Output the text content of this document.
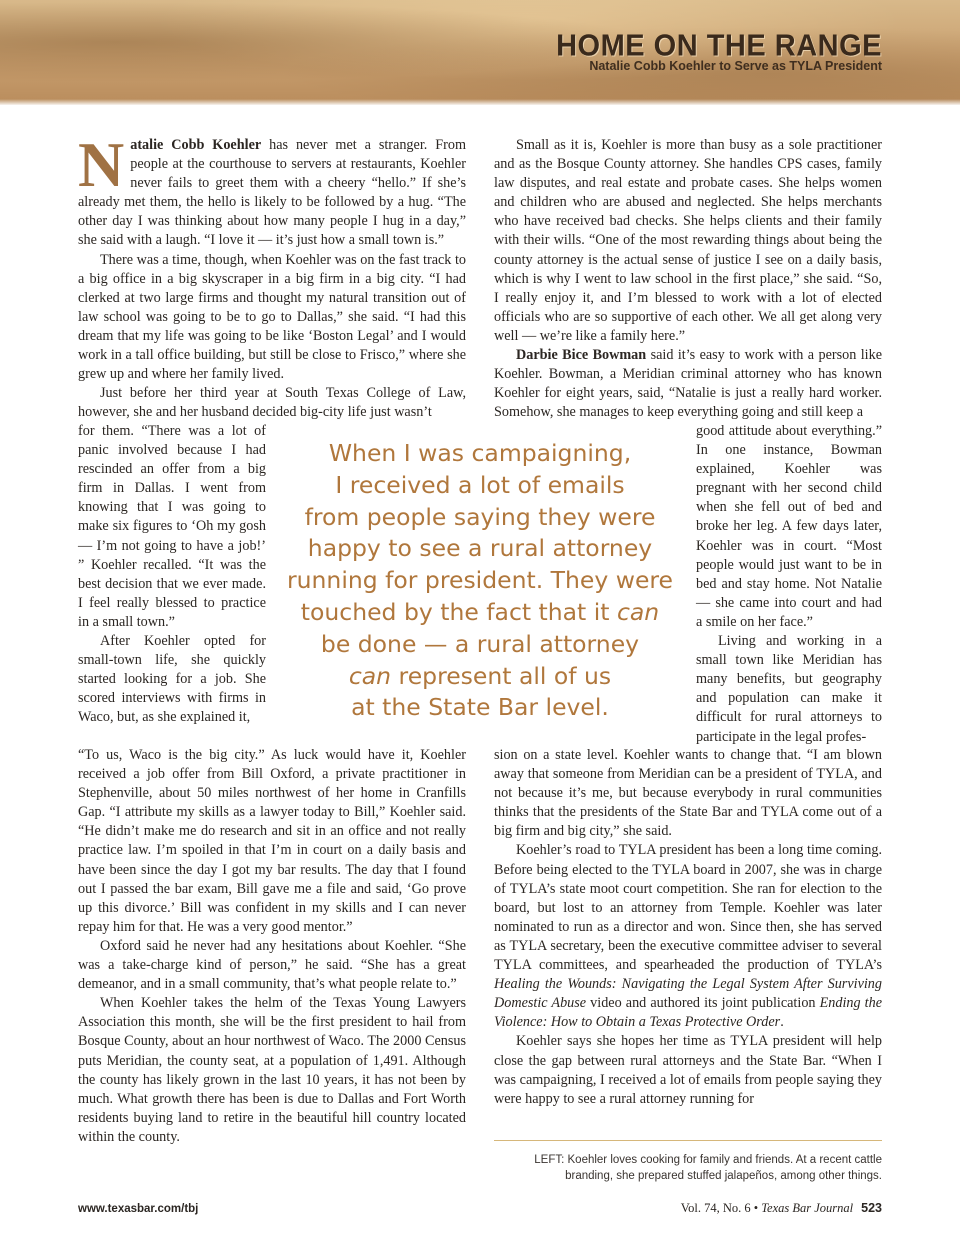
HOME ON THE RANGE
Natalie Cobb Koehler to Serve as TYLA President

Natalie Cobb Koehler has never met a stranger. From people at the courthouse to servers at restaurants, Koehler never fails to greet them with a cheery “hello.” If she’s already met them, the hello is likely to be followed by a hug. “The other day I was thinking about how many people I hug in a day,” she said with a laugh. “I love it — it’s just how a small town is.”

There was a time, though, when Koehler was on the fast track to a big office in a big skyscraper in a big firm in a big city. “I had clerked at two large firms and thought my natural transition out of law school was going to be to go to Dallas,” she said. “I had this dream that my life was going to be like ‘Boston Legal’ and I would work in a tall office building, but still be close to Frisco,” where she grew up and where her family lived.

Just before her third year at South Texas College of Law, however, she and her husband decided big-city life just wasn’t

for them. “There was a lot of panic involved because I had rescinded an offer from a big firm in Dallas. I went from knowing that I was going to make six figures to ‘Oh my gosh — I’m not going to have a job!’ ” Koehler recalled. “It was the best decision that we ever made. I feel really blessed to practice in a small town.”

After Koehler opted for small-town life, she quickly started looking for a job. She scored interviews with firms in Waco, but, as she explained it,

“To us, Waco is the big city.” As luck would have it, Koehler received a job offer from Bill Oxford, a private practitioner in Stephenville, about 50 miles northwest of her home in Cranfills Gap. “I attribute my skills as a lawyer today to Bill,” Koehler said. “He didn’t make me do research and sit in an office and not really practice law. I’m spoiled in that I’m in court on a daily basis and have been since the day I got my bar results. The day that I found out I passed the bar exam, Bill gave me a file and said, ‘Go prove up this divorce.’ Bill was confident in my skills and I can never repay him for that. He was a very good mentor.”

Oxford said he never had any hesitations about Koehler. “She was a take-charge kind of person,” he said. “She has a great demeanor, and in a small community, that’s what people relate to.”

When Koehler takes the helm of the Texas Young Lawyers Association this month, she will be the first president to hail from Bosque County, about an hour northwest of Waco. The 2000 Census puts Meridian, the county seat, at a population of 1,491. Although the county has likely grown in the last 10 years, it has not been by much. What growth there has been is due to Dallas and Fort Worth residents buying land to retire in the beautiful hill country located within the county.

Small as it is, Koehler is more than busy as a sole practitioner and as the Bosque County attorney. She handles CPS cases, family law disputes, and real estate and probate cases. She helps women and children who are abused and neglected. She helps merchants who have received bad checks. She helps clients and their family with their wills. “One of the most rewarding things about being the county attorney is the actual sense of justice I see on a daily basis, which is why I went to law school in the first place,” she said. “So, I really enjoy it, and I’m blessed to work with a lot of elected officials who are so supportive of each other. We all get along very well — we’re like a family here.”

Darbie Bice Bowman said it’s easy to work with a person like Koehler. Bowman, a Meridian criminal attorney who has known Koehler for eight years, said, “Natalie is just a really hard worker. Somehow, she manages to keep everything going and still keep a

good attitude about everything.” In one instance, Bowman explained, Koehler was pregnant with her second child when she fell out of bed and broke her leg. A few days later, Koehler was in court. “Most people would just want to be in bed and stay home. Not Natalie — she came into court and had a smile on her face.”

Living and working in a small town like Meridian has many benefits, but geography and population can make it difficult for rural attorneys to participate in the legal profes-

sion on a state level. Koehler wants to change that. “I am blown away that someone from Meridian can be a president of TYLA, and not because it’s me, but because everybody in rural communities thinks that the presidents of the State Bar and TYLA come out of a big firm and big city,” she said.

Koehler’s road to TYLA president has been a long time coming. Before being elected to the TYLA board in 2007, she was in charge of TYLA’s state moot court competition. She ran for election to the board, but lost to an attorney from Temple. Koehler was later nominated to run as a director and won. Since then, she has served as TYLA secretary, been the executive committee adviser to several TYLA committees, and spearheaded the production of TYLA’s Healing the Wounds: Navigating the Legal System After Surviving Domestic Abuse video and authored its joint publication Ending the Violence: How to Obtain a Texas Protective Order.

Koehler says she hopes her time as TYLA president will help close the gap between rural attorneys and the State Bar. “When I was campaigning, I received a lot of emails from people saying they were happy to see a rural attorney running for

When I was campaigning,
I received a lot of emails
from people saying they were
happy to see a rural attorney
running for president. They were
touched by the fact that it can
be done — a rural attorney
can represent all of us
at the State Bar level.
LEFT: Koehler loves cooking for family and friends. At a recent cattle branding, she prepared stuffed jalapeños, among other things.
www.texasbar.com/tbj	Vol. 74, No. 6 • Texas Bar Journal 523
